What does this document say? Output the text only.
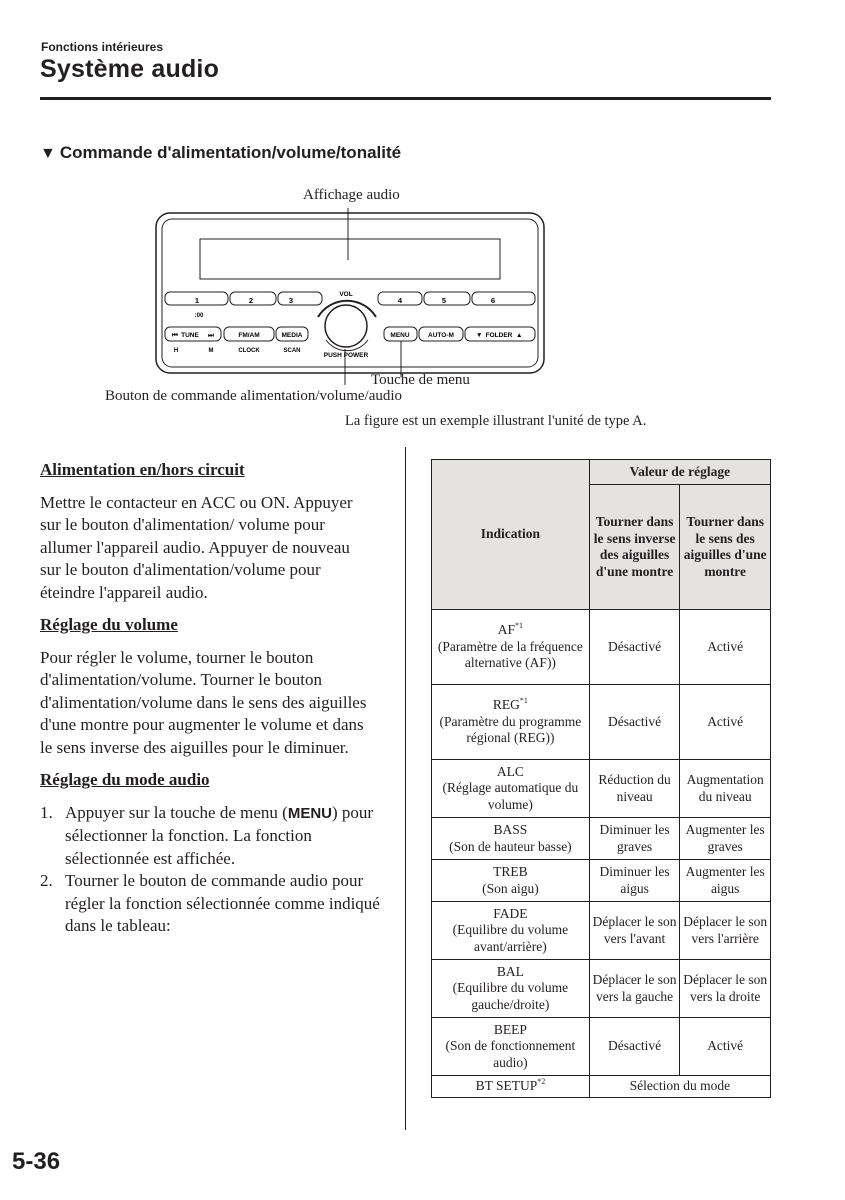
Fonctions intérieures
Système audio
▼ Commande d'alimentation/volume/tonalité
Affichage audio
1
:00
2	3	4	5	6
⏮ TUNE ⏭	FM/AM	MEDIA
H	M	CLOCK	SCAN
MENU	AUTO-M	▼ FOLDER ▲
VOL
PUSH POWER
Touche de menu
Bouton de commande alimentation/volume/audio
La figure est un exemple illustrant l'unité de type A.
Alimentation en/hors circuit

Mettre le contacteur en ACC ou ON. Appuyer sur le bouton d'alimentation/ volume pour allumer l'appareil audio. Appuyer de nouveau sur le bouton d'alimentation/volume pour éteindre l'appareil audio.

Réglage du volume

Pour régler le volume, tourner le bouton d'alimentation/volume. Tourner le bouton d'alimentation/volume dans le sens des aiguilles d'une montre pour augmenter le volume et dans le sens inverse des aiguilles pour le diminuer.

Réglage du mode audio
1. Appuyer sur la touche de menu (MENU) pour sélectionner la fonction. La fonction sélectionnée est affichée.
2. Tourner le bouton de commande audio pour régler la fonction sélectionnée comme indiqué dans le tableau:
Indication	Valeur de réglage	
	Tourner dans le sens inverse des aiguilles d'une montre	Tourner dans le sens des aiguilles d'une montre
AF$^{*1}$
(Paramètre de la fréquence alternative (AF))	Désactivé	Activé
REG$^{*1}$
(Paramètre du programme régional (REG))	Désactivé	Activé
ALC
(Réglage automatique du volume)	Réduction du niveau	Augmentation du niveau
BASS
(Son de hauteur basse)	Diminuer les graves	Augmenter les graves
TREB
(Son aigu)	Diminuer les aigus	Augmenter les aigus
FADE
(Equilibre du volume avant/arrière)	Déplacer le son vers l'avant	Déplacer le son vers l'arrière
BAL
(Equilibre du volume gauche/droite)	Déplacer le son vers la gauche	Déplacer le son vers la droite
BEEP
(Son de fonctionnement audio)	Désactivé	Activé
BT SETUP$^{*2}$	Sélection du mode	
5-36
